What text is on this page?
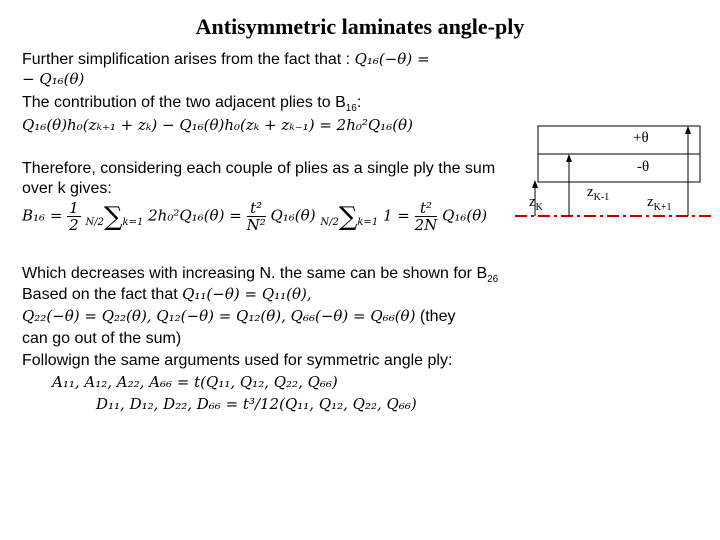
Antisymmetric laminates angle-ply
Further simplification arises from the fact that : Q₁₆(−θ) =
− Q₁₆(θ)
The contribution of the two adjacent plies to $B_{16}$:
Q₁₆(θ)h₀(zₖ₊₁ + zₖ) − Q₁₆(θ)h₀(zₖ + zₖ₋₁) = 2h₀²Q₁₆(θ)
Therefore, considering each couple of plies as a single ply the sum
over k gives:
$B_{16} = \frac{1}{2} N/2\sum k=1$ $2h_0^2Q_{16}(\theta) = \frac{\text{t²}}{\text{N²}} Q_{16}(\theta)$ N/2∑k=1 $1 = \frac{\text{t²}}{2N} Q_{16}(\theta)$
Which decreases with increasing N. the same can be shown for $B_{26}$
Based on the fact that Q₁₁(−θ) = Q₁₁(θ),
Q₂₂(−θ) = Q₂₂(θ), Q₁₂(−θ) = Q₁₂(θ), Q₆₆(−θ) = Q₆₆(θ) (they
can go out of the sum)
Followign the same arguments used for symmetric angle ply:
A₁₁, A₁₂, A₂₂, A₆₆ = t(Q₁₁, Q₁₂, Q₂₂, Q₆₆)
D₁₁, D₁₂, D₂₂, D₆₆ = t³/12(Q₁₁, Q₁₂, Q₂₂, Q₆₆)
+θ
-θ
$z_K$
$z_{K-1}$	$z_{K+1}$
